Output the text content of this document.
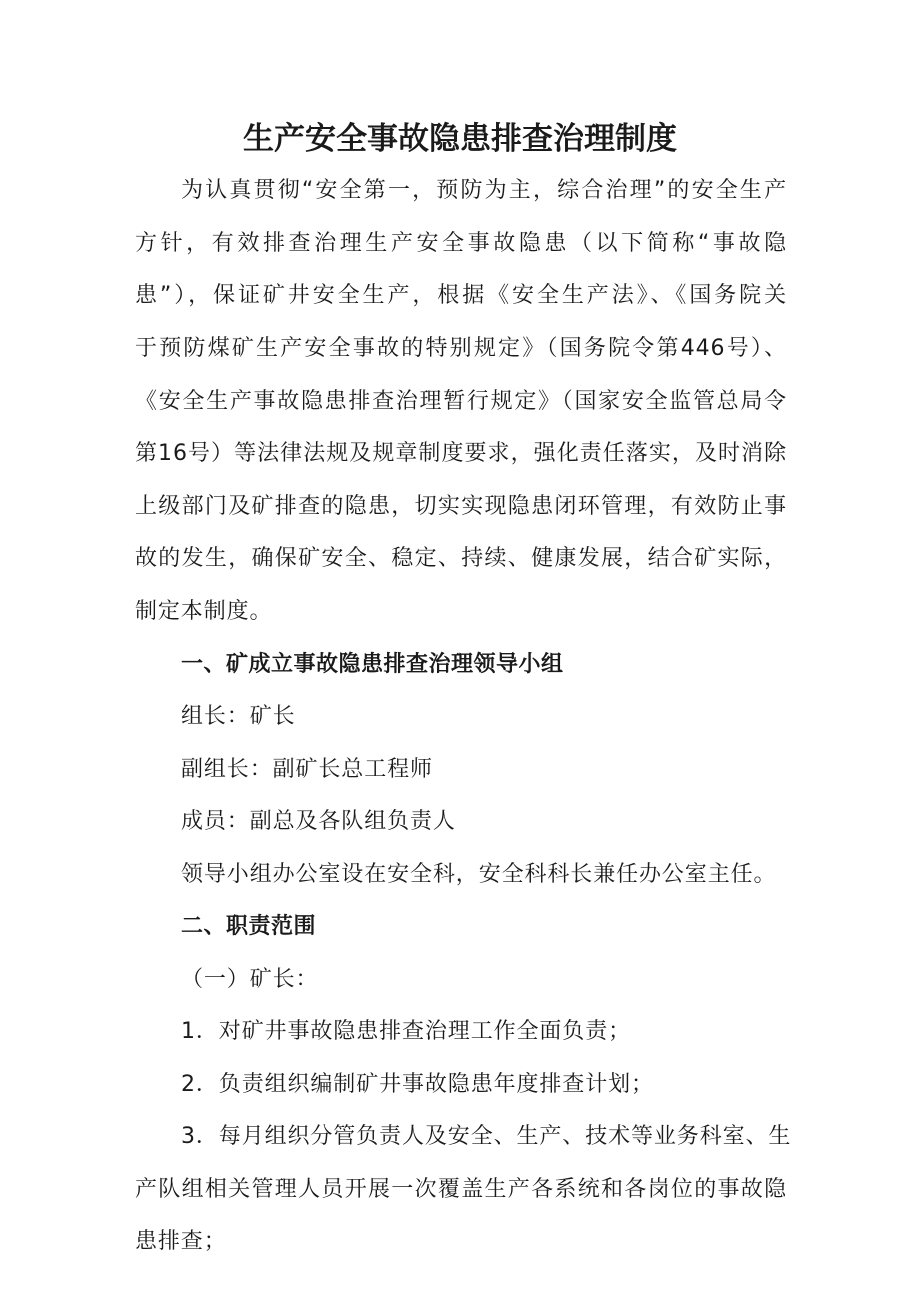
生产安全事故隐患排查治理制度
为认真贯彻“安全第一，预防为主，综合治理”的安全生产
方针，有效排查治理生产安全事故隐患（以下简称“事故隐
患”），保证矿井安全生产，根据《安全生产法》、《国务院关
于预防煤矿生产安全事故的特别规定》（国务院令第446号）、
《安全生产事故隐患排查治理暂行规定》（国家安全监管总局令
第16号）等法律法规及规章制度要求，强化责任落实，及时消除
上级部门及矿排查的隐患，切实实现隐患闭环管理，有效防止事
故的发生，确保矿安全、稳定、持续、健康发展，结合矿实际，
制定本制度。
一、矿成立事故隐患排查治理领导小组
组长：矿长
副组长：副矿长总工程师
成员：副总及各队组负责人
领导小组办公室设在安全科，安全科科长兼任办公室主任。
二、职责范围
（一）矿长：
1．对矿井事故隐患排查治理工作全面负责；
2．负责组织编制矿井事故隐患年度排查计划；
3．每月组织分管负责人及安全、生产、技术等业务科室、生
产队组相关管理人员开展一次覆盖生产各系统和各岗位的事故隐
患排查；
